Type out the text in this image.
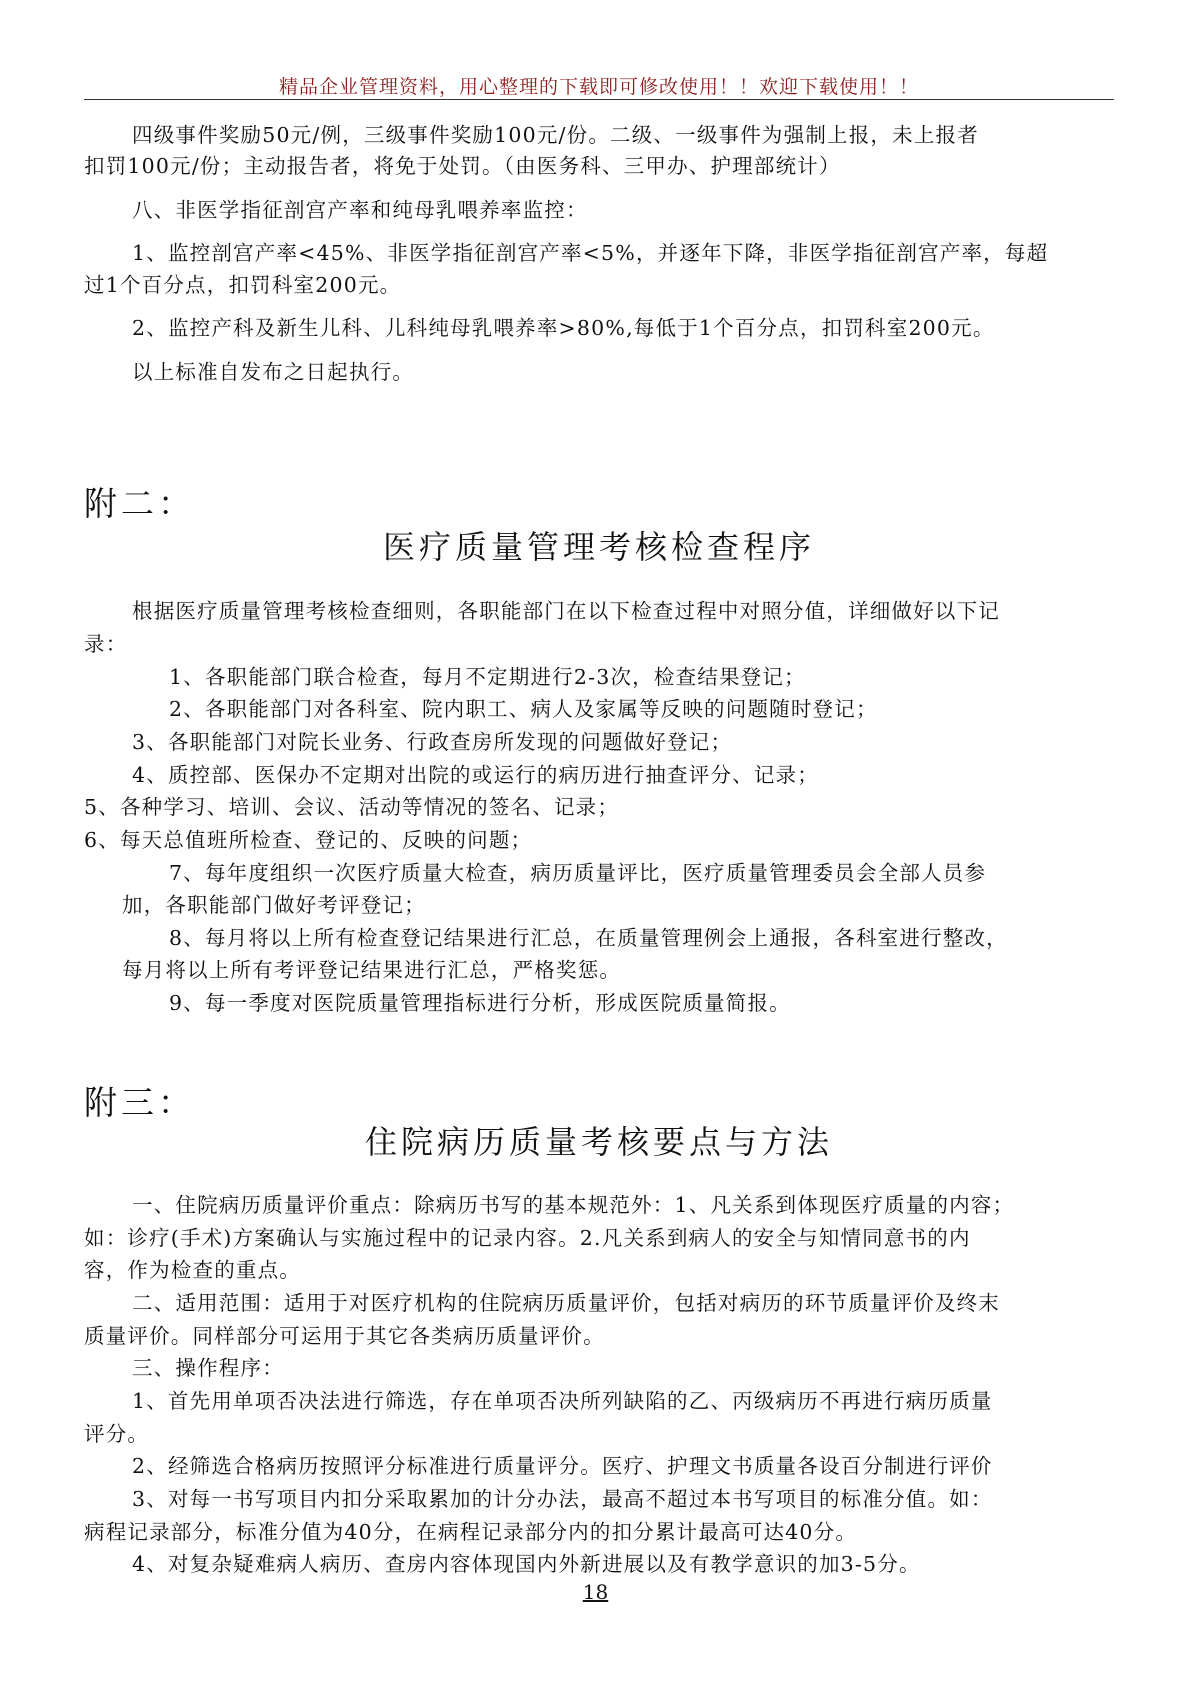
精品企业管理资料，用心整理的下载即可修改使用！！欢迎下载使用！！
四级事件奖励50元/例，三级事件奖励100元/份。二级、一级事件为强制上报，未上报者
扣罚100元/份；主动报告者，将免于处罚。（由医务科、三甲办、护理部统计）
八、非医学指征剖宫产率和纯母乳喂养率监控：
1、监控剖宫产率<45%、非医学指征剖宫产率<5%，并逐年下降，非医学指征剖宫产率，每超
过1个百分点，扣罚科室200元。
2、监控产科及新生儿科、儿科纯母乳喂养率>80%,每低于1个百分点，扣罚科室200元。
以上标准自发布之日起执行。
附二：
医疗质量管理考核检查程序
根据医疗质量管理考核检查细则，各职能部门在以下检查过程中对照分值，详细做好以下记
录：
1、各职能部门联合检查，每月不定期进行2-3次，检查结果登记；
2、各职能部门对各科室、院内职工、病人及家属等反映的问题随时登记；
3、各职能部门对院长业务、行政查房所发现的问题做好登记；
4、质控部、医保办不定期对出院的或运行的病历进行抽查评分、记录；
5、各种学习、培训、会议、活动等情况的签名、记录；
6、每天总值班所检查、登记的、反映的问题；
7、每年度组织一次医疗质量大检查，病历质量评比，医疗质量管理委员会全部人员参
加，各职能部门做好考评登记；
8、每月将以上所有检查登记结果进行汇总，在质量管理例会上通报，各科室进行整改，
每月将以上所有考评登记结果进行汇总，严格奖惩。
9、每一季度对医院质量管理指标进行分析，形成医院质量简报。
附三：
住院病历质量考核要点与方法
一、住院病历质量评价重点：除病历书写的基本规范外：1、凡关系到体现医疗质量的内容；
如：诊疗(手术)方案确认与实施过程中的记录内容。2.凡关系到病人的安全与知情同意书的内
容，作为检查的重点。
二、适用范围：适用于对医疗机构的住院病历质量评价，包括对病历的环节质量评价及终末
质量评价。同样部分可运用于其它各类病历质量评价。
三、操作程序：
1、首先用单项否决法进行筛选，存在单项否决所列缺陷的乙、丙级病历不再进行病历质量
评分。
2、经筛选合格病历按照评分标准进行质量评分。医疗、护理文书质量各设百分制进行评价
3、对每一书写项目内扣分采取累加的计分办法，最高不超过本书写项目的标准分值。如：
病程记录部分，标准分值为40分，在病程记录部分内的扣分累计最高可达40分。
4、对复杂疑难病人病历、查房内容体现国内外新进展以及有教学意识的加3-5分。
18
